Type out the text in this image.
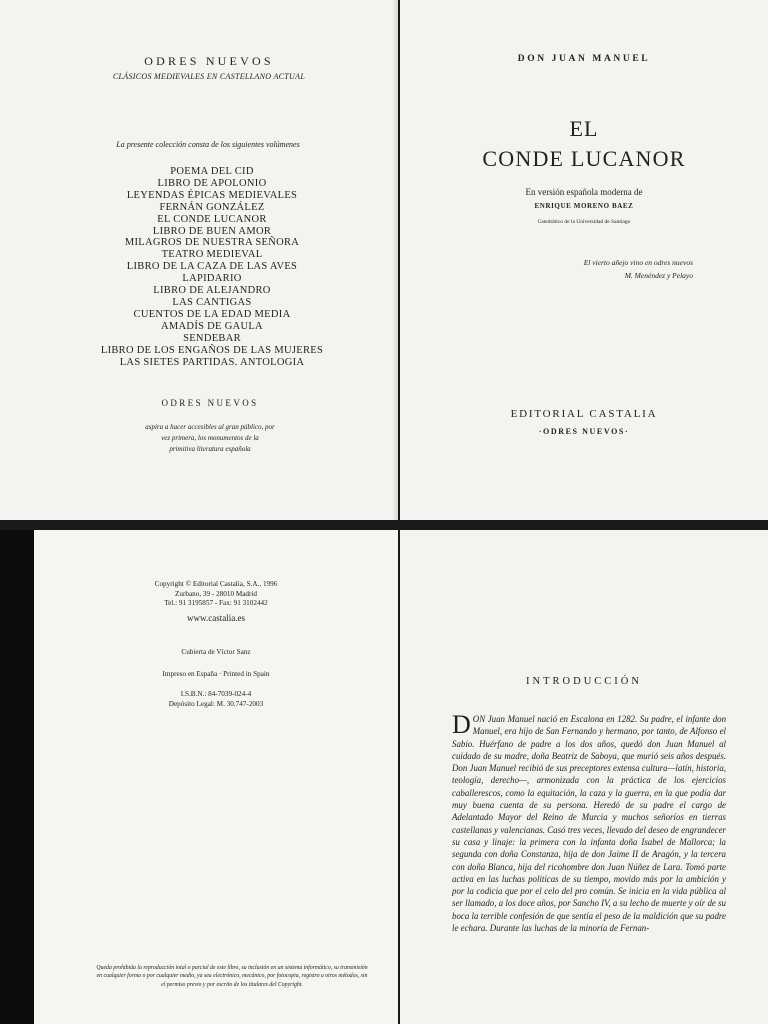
ODRES NUEVOS
CLÁSICOS MEDIEVALES EN CASTELLANO ACTUAL
La presente colección consta de los siguientes volúmenes
POEMA DEL CID
LIBRO DE APOLONIO
LEYENDAS ÉPICAS MEDIEVALES
FERNÁN GONZÁLEZ
EL CONDE LUCANOR
LIBRO DE BUEN AMOR
MILAGROS DE NUESTRA SEÑORA
TEATRO MEDIEVAL
LIBRO DE LA CAZA DE LAS AVES
LAPIDARIO
LIBRO DE ALEJANDRO
LAS CANTIGAS
CUENTOS DE LA EDAD MEDIA
AMADÍS DE GAULA
SENDEBAR
LIBRO DE LOS ENGAÑOS DE LAS MUJERES
LAS SIETES PARTIDAS. ANTOLOGIA
ODRES NUEVOS
aspira a hacer accesibles al gran público, por
vez primera, los monumentos de la
primitiva literatura española
DON JUAN MANUEL
EL
CONDE LUCANOR
En versión española moderna de
ENRIQUE MORENO BAEZ
Catedrático de la Universidad de Santiago
El vierto añejo vino en odres nuevos
M. Menéndez y Pelayo
EDITORIAL CASTALIA
·ODRES NUEVOS·
Copyright © Editorial Castalia, S.A., 1996
Zurbano, 39 - 28010 Madrid
Tel.: 91 3195857 - Fax: 91 3102442
www.castalia.es
Cubierta de Víctor Sanz
Impreso en España · Printed in Spain
I.S.B.N.: 84-7039-024-4
Depósito Legal: M. 30.747-2003
Queda prohibida la reproducción total o parcial de este libro, su inclusión en un sistema informático, su transmisión en cualquier forma o por cualquier medio, ya sea electrónico, mecánico, por fotocopia, registro u otros métodos, sin el permiso previo y por escrito de los titulares del Copyright.
INTRODUCCIÓN
DON Juan Manuel nació en Escalona en 1282. Su padre, el infante don Manuel, era hijo de San Fernando y hermano, por tanto, de Alfonso el Sabio. Huérfano de padre a los dos años, quedó don Juan Manuel al cuidado de su madre, doña Beatriz de Saboya, que murió seis años después. Don Juan Manuel recibió de sus preceptores extensa cultura—latín, historia, teología, derecho—, armonizada con la práctica de los ejercicios caballerescos, como la equitación, la caza y la guerra, en la que podía dar muy buena cuenta de su persona. Heredó de su padre el cargo de Adelantado Mayor del Reino de Murcia y muchos señoríos en tierras castellanas y valencianas. Casó tres veces, llevado del deseo de engrandecer su casa y linaje: la primera con la infanta doña Isabel de Mallorca; la segunda con doña Constanza, hija de don Jaime II de Aragón, y la tercera con doña Blanca, hija del ricohombre don Juan Núñez de Lara. Tomó parte activa en las luchas políticas de su tiempo, movido más por la ambición y por la codicia que por el celo del pro común. Se inicia en la vida pública al ser llamado, a los doce años, por Sancho IV, a su lecho de muerte y oír de su boca la terrible confesión de que sentía el peso de la maldición que su padre le echara. Durante las luchas de la minoría de Fernan-
